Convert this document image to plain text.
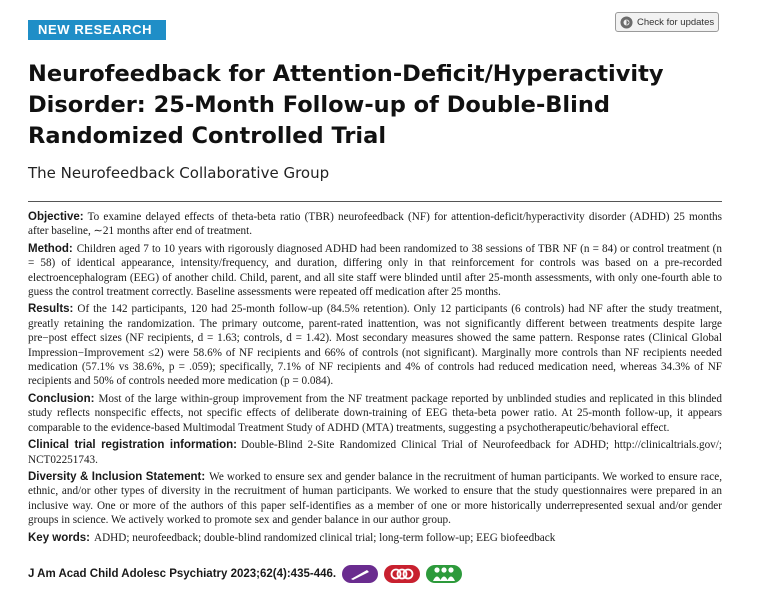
NEW RESEARCH	Check for updates
Neurofeedback for Attention-Deficit/Hyperactivity Disorder: 25-Month Follow-up of Double-Blind Randomized Controlled Trial

The Neurofeedback Collaborative Group

Objective: To examine delayed effects of theta-beta ratio (TBR) neurofeedback (NF) for attention-deficit/hyperactivity disorder (ADHD) 25 months after baseline, ∼21 months after end of treatment.

Method: Children aged 7 to 10 years with rigorously diagnosed ADHD had been randomized to 38 sessions of TBR NF (n = 84) or control treatment (n = 58) of identical appearance, intensity/frequency, and duration, differing only in that reinforcement for controls was based on a pre-recorded electroencephalogram (EEG) of another child. Child, parent, and all site staff were blinded until after 25-month assessments, with only one-fourth able to guess the control treatment correctly. Baseline assessments were repeated off medication after 25 months.

Results: Of the 142 participants, 120 had 25-month follow-up (84.5% retention). Only 12 participants (6 controls) had NF after the study treatment, greatly retaining the randomization. The primary outcome, parent-rated inattention, was not significantly different between treatments despite large pre−post effect sizes (NF recipients, d = 1.63; controls, d = 1.42). Most secondary measures showed the same pattern. Response rates (Clinical Global Impression−Improvement ≤2) were 58.6% of NF recipients and 66% of controls (not significant). Marginally more controls than NF recipients needed medication (57.1% vs 38.6%, p = .059); specifically, 7.1% of NF recipients and 4% of controls had reduced medication need, whereas 34.3% of NF recipients and 50% of controls needed more medication (p = 0.084).

Conclusion: Most of the large within-group improvement from the NF treatment package reported by unblinded studies and replicated in this blinded study reflects nonspecific effects, not specific effects of deliberate down-training of EEG theta-beta power ratio. At 25-month follow-up, it appears comparable to the evidence-based Multimodal Treatment Study of ADHD (MTA) treatments, suggesting a psychotherapeutic/behavioral effect.

Clinical trial registration information: Double-Blind 2-Site Randomized Clinical Trial of Neurofeedback for ADHD; http://clinicaltrials.gov/; NCT02251743.

Diversity & Inclusion Statement: We worked to ensure sex and gender balance in the recruitment of human participants. We worked to ensure race, ethnic, and/or other types of diversity in the recruitment of human participants. We worked to ensure that the study questionnaires were prepared in an inclusive way. One or more of the authors of this paper self-identifies as a member of one or more historically underrepresented sexual and/or gender groups in science. We actively worked to promote sex and gender balance in our author group.

Key words: ADHD; neurofeedback; double-blind randomized clinical trial; long-term follow-up; EEG biofeedback

J Am Acad Child Adolesc Psychiatry 2023;62(4):435-446.
